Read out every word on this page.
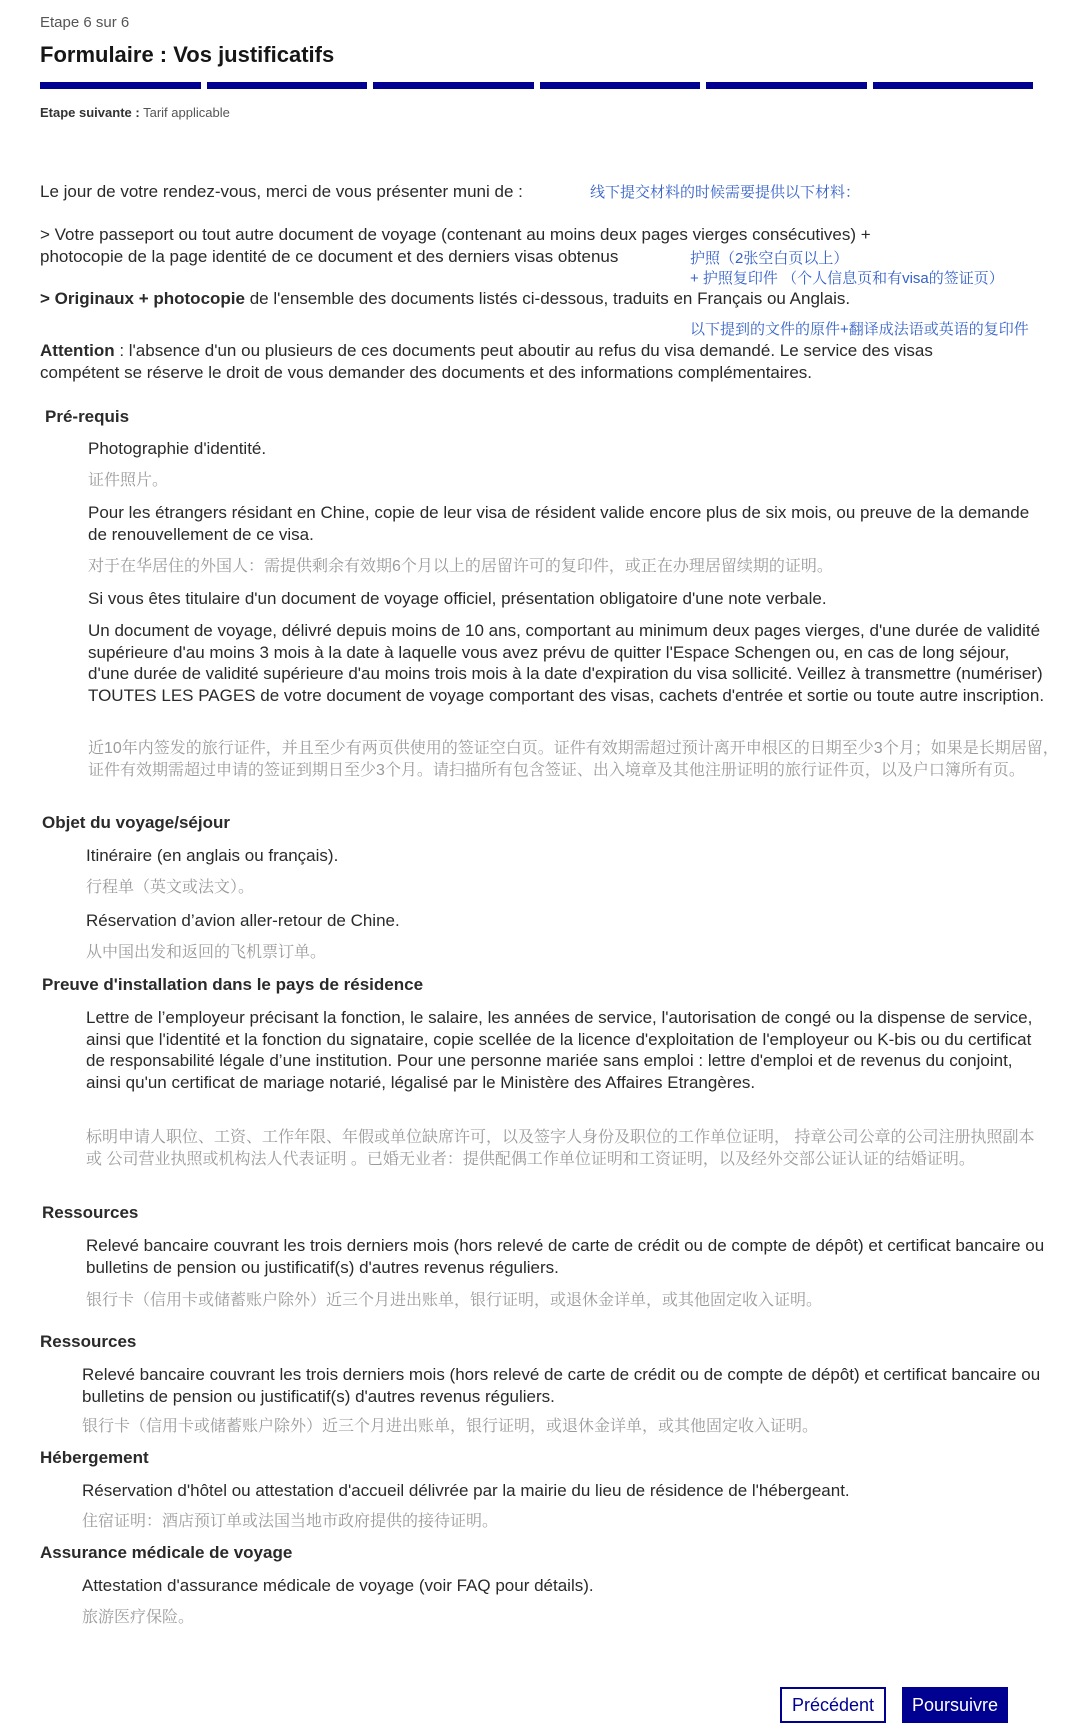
Etape 6 sur 6
Formulaire : Vos justificatifs
Etape suivante : Tarif applicable
Le jour de votre rendez-vous, merci de vous présenter muni de :	线下提交材料的时候需要提供以下材料：
> Votre passeport ou tout autre document de voyage (contenant au moins deux pages vierges consécutives) +
photocopie de la page identité de ce document et des derniers visas obtenus	护照（2张空白页以上）
+ 护照复印件 （个人信息页和有visa的签证页）
> Originaux + photocopie de l'ensemble des documents listés ci-dessous, traduits en Français ou Anglais.
以下提到的文件的原件+翻译成法语或英语的复印件
Attention : l'absence d'un ou plusieurs de ces documents peut aboutir au refus du visa demandé. Le service des visas compétent se réserve le droit de vous demander des documents et des informations complémentaires.
Pré-requis
Photographie d'identité.
证件照片。
Pour les étrangers résidant en Chine, copie de leur visa de résident valide encore plus de six mois, ou preuve de la demande de renouvellement de ce visa.
对于在华居住的外国人：需提供剩余有效期6个月以上的居留许可的复印件，或正在办理居留续期的证明。
Si vous êtes titulaire d'un document de voyage officiel, présentation obligatoire d'une note verbale.
Un document de voyage, délivré depuis moins de 10 ans, comportant au minimum deux pages vierges, d'une durée de validité supérieure d'au moins 3 mois à la date à laquelle vous avez prévu de quitter l'Espace Schengen ou, en cas de long séjour, d'une durée de validité supérieure d'au moins trois mois à la date d'expiration du visa sollicité. Veillez à transmettre (numériser) TOUTES LES PAGES de votre document de voyage comportant des visas, cachets d'entrée et sortie ou toute autre inscription.
近10年内签发的旅行证件，并且至少有两页供使用的签证空白页。证件有效期需超过预计离开申根区的日期至少3个月；如果是长期居留，证件有效期需超过申请的签证到期日至少3个月。请扫描所有包含签证、出入境章及其他注册证明的旅行证件页，以及户口簿所有页。
Objet du voyage/séjour
Itinéraire (en anglais ou français).
行程单（英文或法文）。
Réservation d’avion aller-retour de Chine.
从中国出发和返回的飞机票订单。
Preuve d'installation dans le pays de résidence
Lettre de l’employeur précisant la fonction, le salaire, les années de service, l'autorisation de congé ou la dispense de service, ainsi que l'identité et la fonction du signataire, copie scellée de la licence d'exploitation de l'employeur ou K-bis ou du certificat de responsabilité légale d’une institution. Pour une personne mariée sans emploi : lettre d'emploi et de revenus du conjoint, ainsi qu'un certificat de mariage notarié, légalisé par le Ministère des Affaires Etrangères.
标明申请人职位、工资、工作年限、年假或单位缺席许可，以及签字人身份及职位的工作单位证明， 持章公司公章的公司注册执照副本 或 公司营业执照或机构法人代表证明 。已婚无业者：提供配偶工作单位证明和工资证明，以及经外交部公证认证的结婚证明。
Ressources
Relevé bancaire couvrant les trois derniers mois (hors relevé de carte de crédit ou de compte de dépôt) et certificat bancaire ou bulletins de pension ou justificatif(s) d'autres revenus réguliers.
银行卡（信用卡或储蓄账户除外）近三个月进出账单，银行证明，或退休金详单，或其他固定收入证明。
Ressources
Relevé bancaire couvrant les trois derniers mois (hors relevé de carte de crédit ou de compte de dépôt) et certificat bancaire ou bulletins de pension ou justificatif(s) d'autres revenus réguliers.
银行卡（信用卡或储蓄账户除外）近三个月进出账单，银行证明，或退休金详单，或其他固定收入证明。
Hébergement
Réservation d'hôtel ou attestation d'accueil délivrée par la mairie du lieu de résidence de l'hébergeant.
住宿证明：酒店预订单或法国当地市政府提供的接待证明。
Assurance médicale de voyage
Attestation d'assurance médicale de voyage (voir FAQ pour détails).
旅游医疗保险。
Précédent	Poursuivre
